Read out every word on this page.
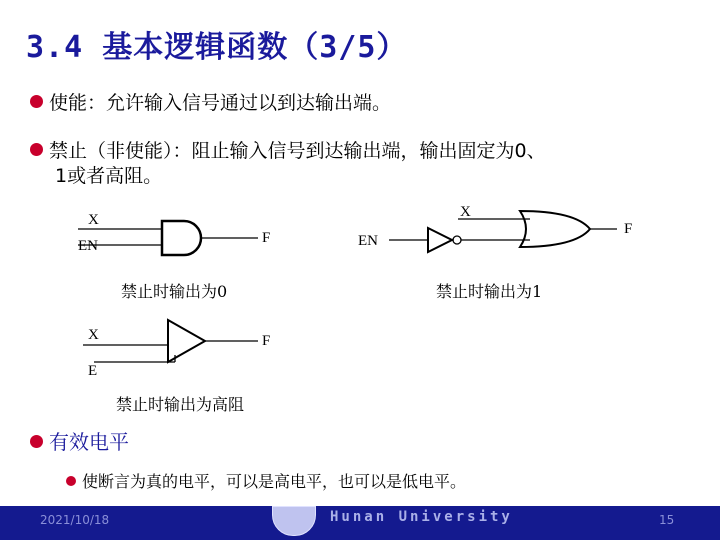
3.4 基本逻辑函数（3/5）
使能：允许输入信号通过以到达输出端。
禁止（非使能）：阻止输入信号到达输出端，输出固定为0、
1或者高阻。
X
EN	F
X
EN
F
X
E
F
禁止时输出为0	禁止时输出为1
禁止时输出为高阻
有效电平
使断言为真的电平，可以是高电平，也可以是低电平。
2021/10/18	Hunan University	15
